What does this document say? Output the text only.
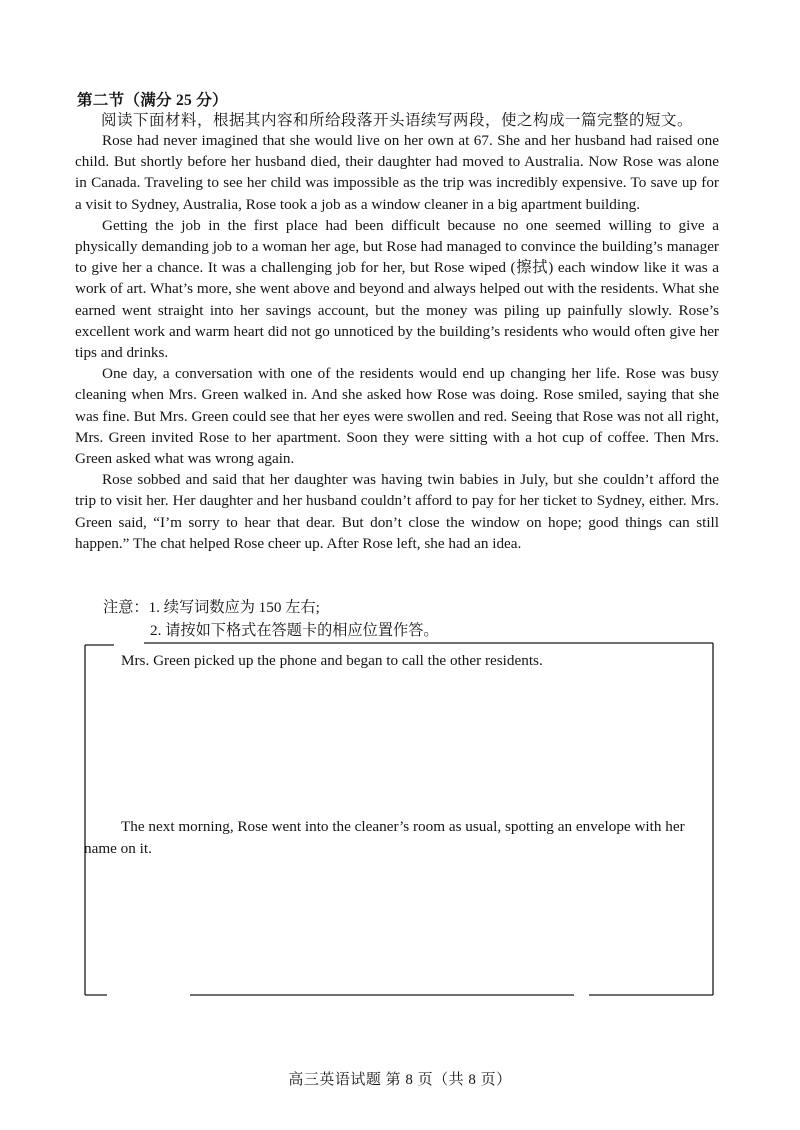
第二节（满分 25 分）
阅读下面材料，根据其内容和所给段落开头语续写两段，使之构成一篇完整的短文。

Rose had never imagined that she would live on her own at 67. She and her husband had raised one child. But shortly before her husband died, their daughter had moved to Australia. Now Rose was alone in Canada. Traveling to see her child was impossible as the trip was incredibly expensive. To save up for a visit to Sydney, Australia, Rose took a job as a window cleaner in a big apartment building.

Getting the job in the first place had been difficult because no one seemed willing to give a physically demanding job to a woman her age, but Rose had managed to convince the building’s manager to give her a chance. It was a challenging job for her, but Rose wiped (擦拭) each window like it was a work of art. What’s more, she went above and beyond and always helped out with the residents. What she earned went straight into her savings account, but the money was piling up painfully slowly. Rose’s excellent work and warm heart did not go unnoticed by the building’s residents who would often give her tips and drinks.

One day, a conversation with one of the residents would end up changing her life. Rose was busy cleaning when Mrs. Green walked in. And she asked how Rose was doing. Rose smiled, saying that she was fine. But Mrs. Green could see that her eyes were swollen and red. Seeing that Rose was not all right, Mrs. Green invited Rose to her apartment. Soon they were sitting with a hot cup of coffee. Then Mrs. Green asked what was wrong again.

Rose sobbed and said that her daughter was having twin babies in July, but she couldn’t afford the trip to visit her. Her daughter and her husband couldn’t afford to pay for her ticket to Sydney, either. Mrs. Green said, “I’m sorry to hear that dear. But don’t close the window on hope; good things can still happen.” The chat helped Rose cheer up. After Rose left, she had an idea.

注意：1. 续写词数应为 150 左右;
2. 请按如下格式在答题卡的相应位置作答。
Mrs. Green picked up the phone and began to call the other residents.
The next morning, Rose went into the cleaner’s room as usual, spotting an envelope with her name on it.
高三英语试题 第 8 页（共 8 页）
